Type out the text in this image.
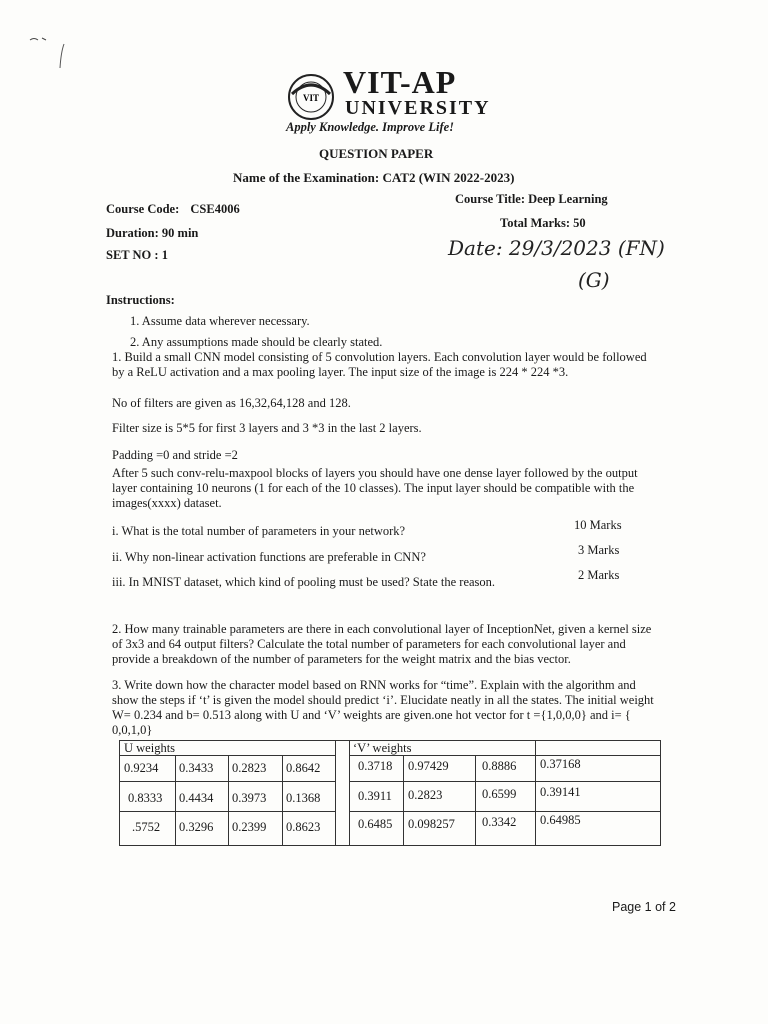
VIT VIT-AP
UNIVERSITY
Apply Knowledge. Improve Life!
QUESTION PAPER
Name of the Examination: CAT2 (WIN 2022-2023)
Course Code: CSE4006
Course Title: Deep Learning
Total Marks: 50
Duration: 90 min
SET NO : 1	Date: 29/3/2023 (FN)
(G)
Instructions:
1. Assume data wherever necessary.
2. Any assumptions made should be clearly stated.
1. Build a small CNN model consisting of 5 convolution layers. Each convolution layer would be followed by a ReLU activation and a max pooling layer. The input size of the image is 224 * 224 *3.
No of filters are given as 16,32,64,128 and 128.
Filter size is 5*5 for first 3 layers and 3 *3 in the last 2 layers.
Padding =0 and stride =2
After 5 such conv-relu-maxpool blocks of layers you should have one dense layer followed by the output layer containing 10 neurons (1 for each of the 10 classes). The input layer should be compatible with the images(xxxx) dataset.
i. What is the total number of parameters in your network?	10 Marks
ii. Why non-linear activation functions are preferable in CNN?	3 Marks
iii. In MNIST dataset, which kind of pooling must be used? State the reason.	2 Marks
2. How many trainable parameters are there in each convolutional layer of InceptionNet, given a kernel size of 3x3 and 64 output filters? Calculate the total number of parameters for each convolutional layer and provide a breakdown of the number of parameters for the weight matrix and the bias vector.
3. Write down how the character model based on RNN works for “time”. Explain with the algorithm and show the steps if ‘t’ is given the model should predict ‘i’. Elucidate neatly in all the states. The initial weight W= 0.234 and b= 0.513 along with U and ‘V’ weights are given.one hot vector for t ={1,0,0,0} and i= { 0,0,1,0}
U weights	‘V’ weights
0.9234 0.3433 0.2823 0.8642
0.8333 0.4434 0.3973 0.1368
.5752 0.3296 0.2399 0.8623
0.3718 0.97429	0.8886 0.37168
0.3911 0.2823	0.6599 0.39141
0.6485 0.098257 0.3342 0.64985
Page 1 of 2
